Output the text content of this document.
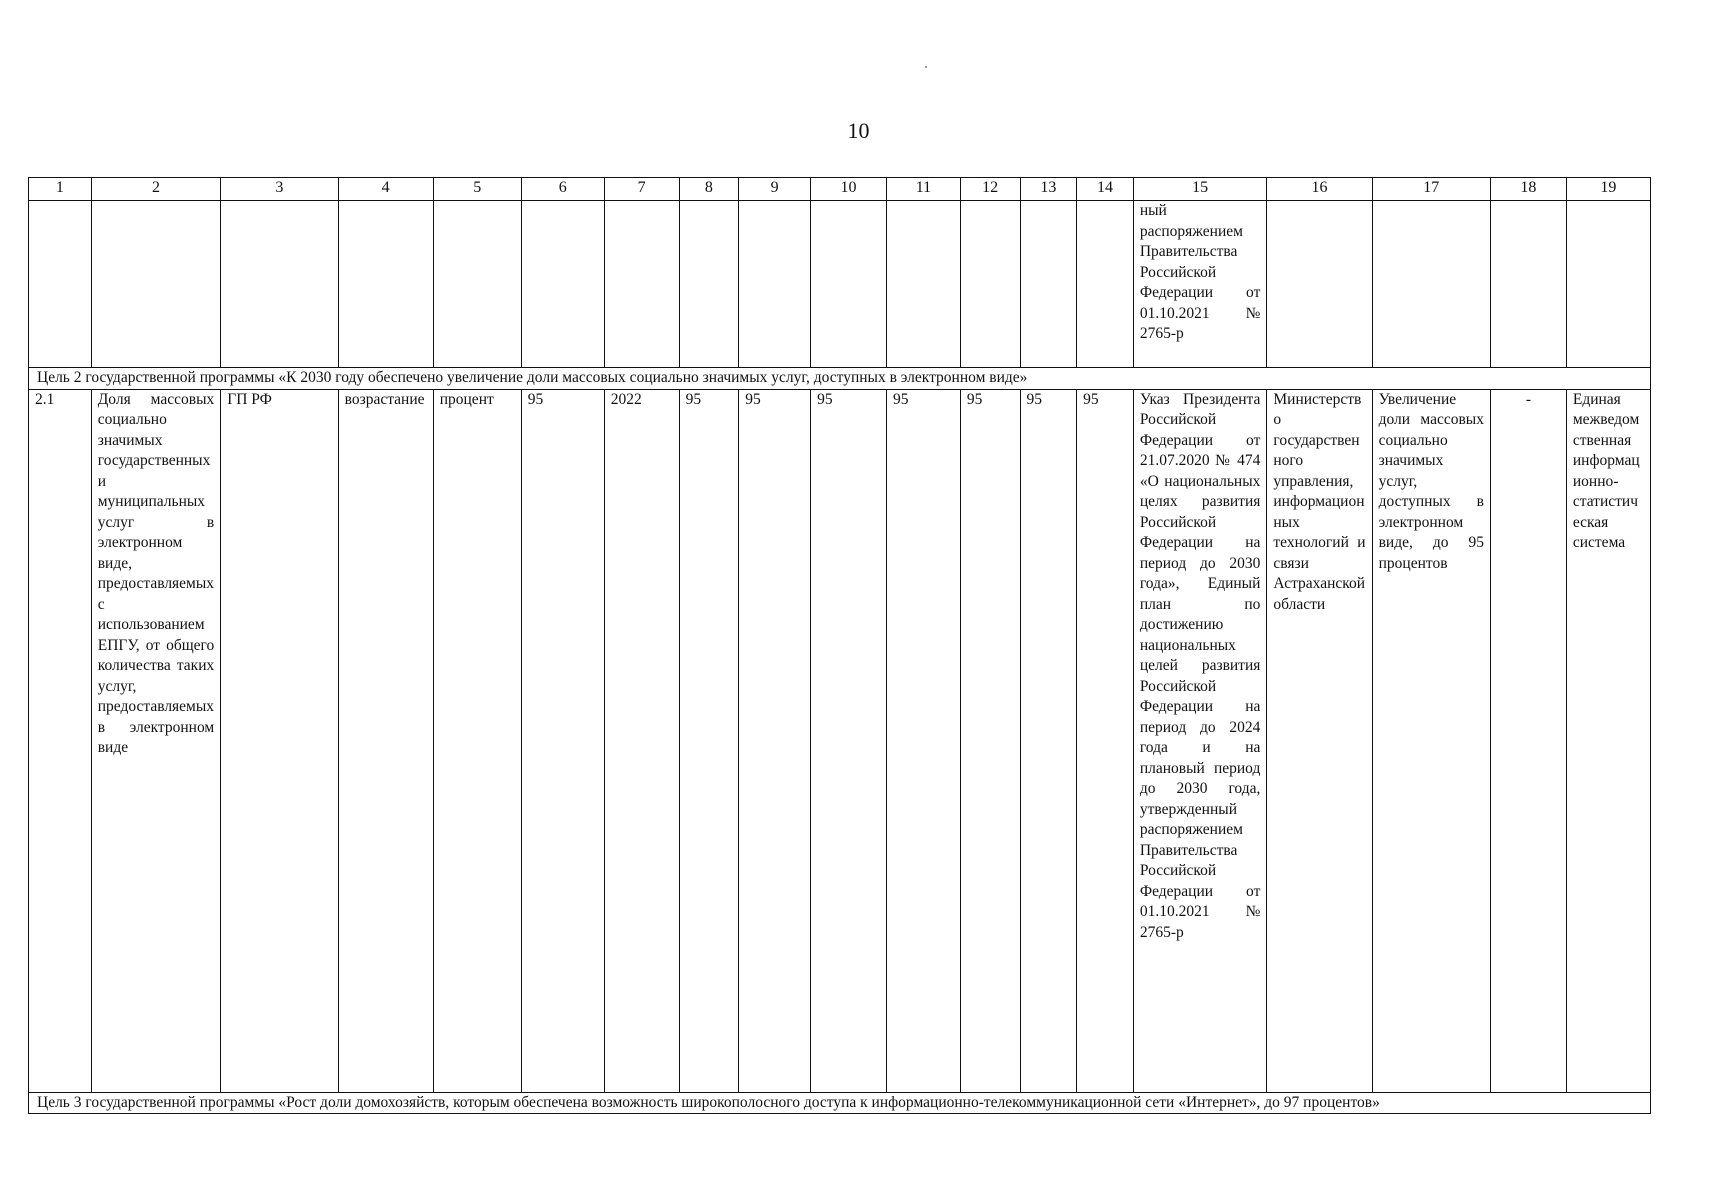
10
1	2	3	4	5	6	7	8	9	10	11	12	13	14	15	16	17	18	19
														ный распоряжением Правительства Российской Федерации от 01.10.2021 № 2765-р				
Цель 2 государственной программы «К 2030 году обеспечено увеличение доли массовых социально значимых услуг, доступных в электронном виде»																		
2.1	Доля массовых социально значимых государственных и муниципальных услуг в электронном виде, предоставляемых с использованием ЕПГУ, от общего количества таких услуг, предоставляемых в электронном виде	ГП РФ	возрастание	процент	95	2022	95	95	95	95	95	95	95	Указ Президента Российской Федерации от 21.07.2020 № 474 «О национальных целях развития Российской Федерации на период до 2030 года», Единый план по достижению национальных целей развития Российской Федерации на период до 2024 года и на плановый период до 2030 года, утвержденный распоряжением Правительства Российской Федерации от 01.10.2021 № 2765-р	Министерство государственного управления, информационных технологий и связи Астраханской области	Увеличение доли массовых социально значимых услуг, доступных в электронном виде, до 95 процентов	-	Единая межведомственная информационно-статистическая система
Цель 3 государственной программы «Рост доли домохозяйств, которым обеспечена возможность широкополосного доступа к информационно-телекоммуникационной сети «Интернет», до 97 процентов»																		
